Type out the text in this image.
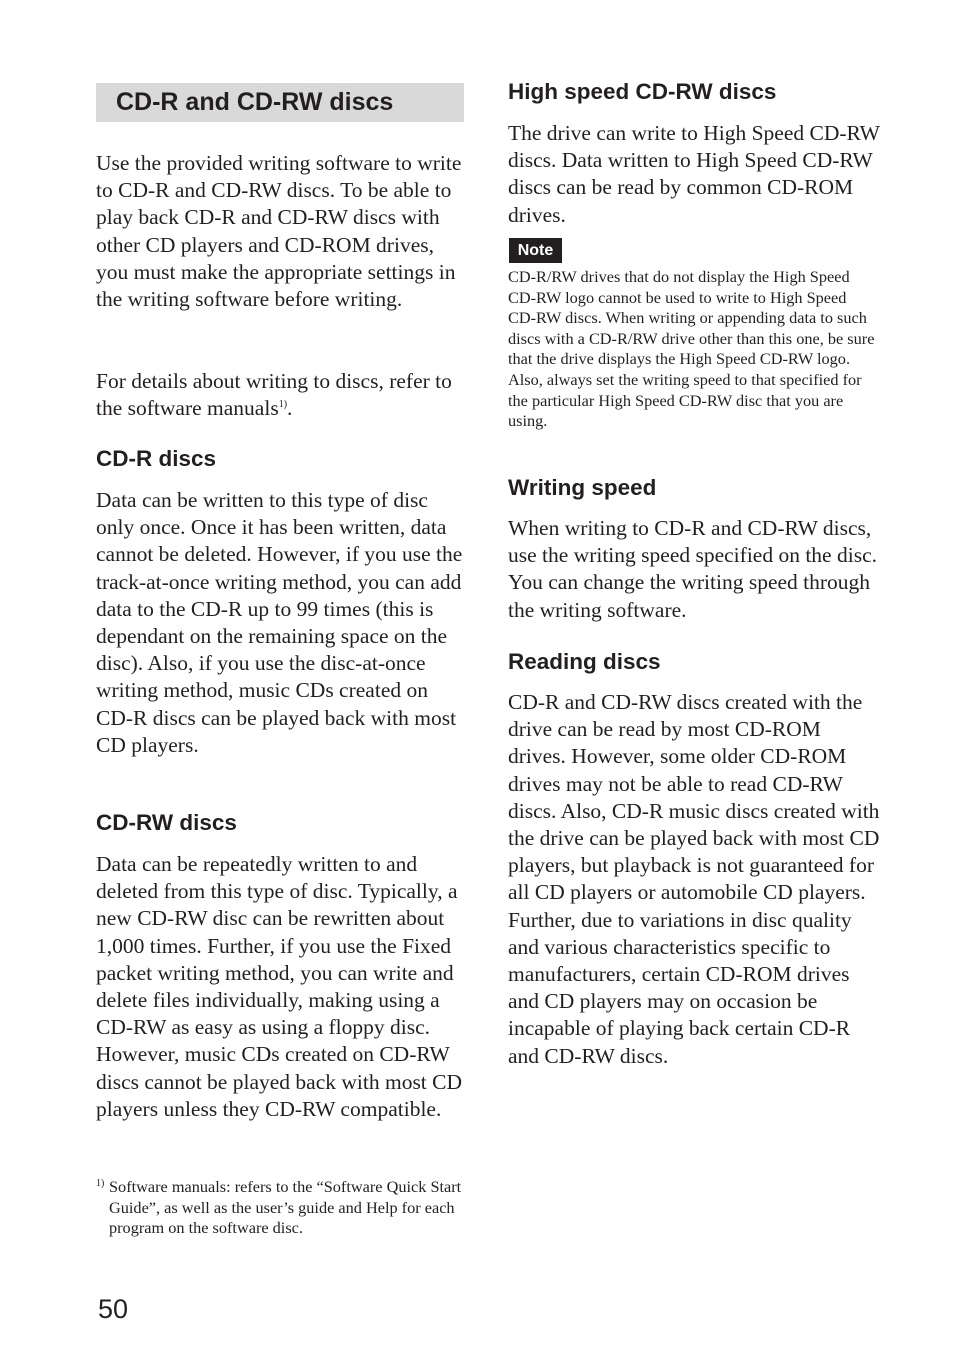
CD-R and CD-RW discs

Use the provided writing software to write to CD-R and CD-RW discs. To be able to play back CD-R and CD-RW discs with other CD players and CD-ROM drives, you must make the appropriate settings in the writing software before writing.

For details about writing to discs, refer to the software manuals$^{1)}$.

CD-R discs

Data can be written to this type of disc only once. Once it has been written, data cannot be deleted. However, if you use the track-at-once writing method, you can add data to the CD-R up to 99 times (this is dependant on the remaining space on the disc). Also, if you use the disc-at-once writing method, music CDs created on CD-R discs can be played back with most CD players.

CD-RW discs

Data can be repeatedly written to and deleted from this type of disc. Typically, a new CD-RW disc can be rewritten about 1,000 times. Further, if you use the Fixed packet writing method, you can write and delete files individually, making using a CD-RW as easy as using a floppy disc. However, music CDs created on CD-RW discs cannot be played back with most CD players unless they CD-RW compatible.

1) Software manuals: refers to the “Software Quick Start Guide”, as well as the user’s guide and Help for each program on the software disc.
High speed CD-RW discs

The drive can write to High Speed CD-RW discs. Data written to High Speed CD-RW discs can be read by common CD-ROM drives.

Note

CD-R/RW drives that do not display the High Speed CD-RW logo cannot be used to write to High Speed CD-RW discs. When writing or appending data to such discs with a CD-R/RW drive other than this one, be sure that the drive displays the High Speed CD-RW logo. Also, always set the writing speed to that specified for the particular High Speed CD-RW disc that you are using.

Writing speed

When writing to CD-R and CD-RW discs, use the writing speed specified on the disc. You can change the writing speed through the writing software.

Reading discs

CD-R and CD-RW discs created with the drive can be read by most CD-ROM drives. However, some older CD-ROM drives may not be able to read CD-RW discs. Also, CD-R music discs created with the drive can be played back with most CD players, but playback is not guaranteed for all CD players or automobile CD players. Further, due to variations in disc quality and various characteristics specific to manufacturers, certain CD-ROM drives and CD players may on occasion be incapable of playing back certain CD-R and CD-RW discs.

50
